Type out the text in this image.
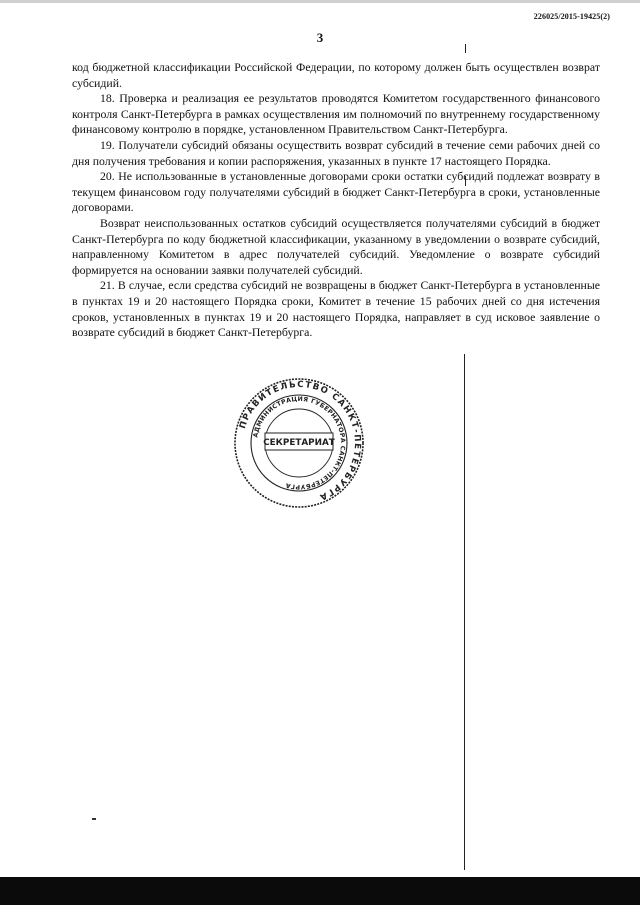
226025/2015-19425(2)
3

код бюджетной классификации Российской Федерации, по которому должен быть осуществлен возврат субсидий.

18. Проверка и реализация ее результатов проводятся Комитетом государственного финансового контроля Санкт-Петербурга в рамках осуществления им полномочий по внутреннему государственному финансовому контролю в порядке, установленном Правительством Санкт-Петербурга.

19. Получатели субсидий обязаны осуществить возврат субсидий в течение семи рабочих дней со дня получения требования и копии распоряжения, указанных в пункте 17 настоящего Порядка.

20. Не использованные в установленные договорами сроки остатки субсидий подлежат возврату в текущем финансовом году получателями субсидий в бюджет Санкт-Петербурга в сроки, установленные договорами.

Возврат неиспользованных остатков субсидий осуществляется получателями субсидий в бюджет Санкт-Петербурга по коду бюджетной классификации, указанному в уведомлении о возврате субсидий, направленному Комитетом в адрес получателей субсидий. Уведомление о возврате субсидий формируется на основании заявки получателей субсидий.

21. В случае, если средства субсидий не возвращены в бюджет Санкт-Петербурга в установленные в пунктах 19 и 20 настоящего Порядка сроки, Комитет в течение 15 рабочих дней со дня истечения сроков, установленных в пунктах 19 и 20 настоящего Порядка, направляет в суд исковое заявление о возврате субсидий в бюджет Санкт-Петербурга.

ПРАВИТЕЛЬСТВО САНКТ-ПЕТЕРБУРГА
АДМИНИСТРАЦИЯ ГУБЕРНАТОРА САНКТ-ПЕТЕРБУРГА
СЕКРЕТАРИАТ
